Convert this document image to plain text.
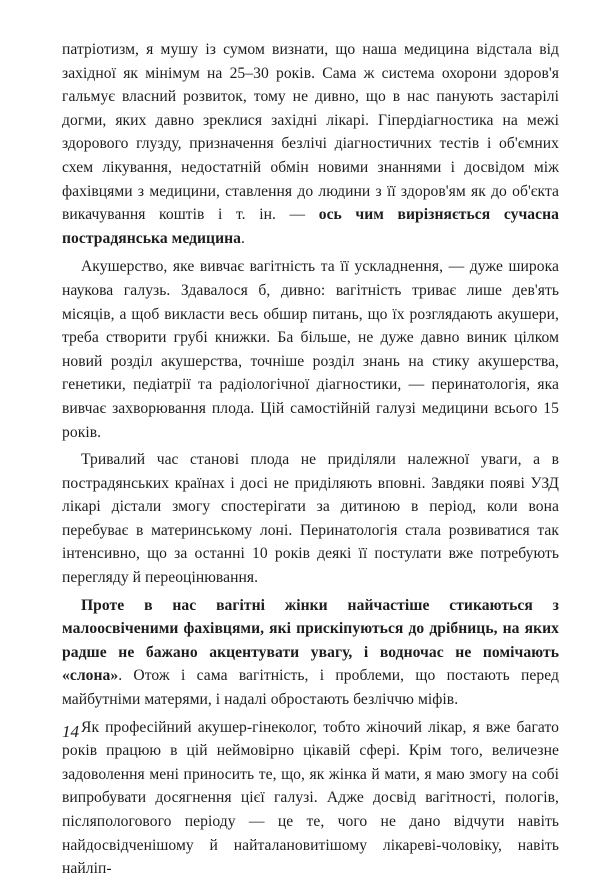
патріотизм, я мушу із сумом визнати, що наша медицина відстала від західної як мінімум на 25–30 років. Сама ж система охорони здоров'я гальмує власний розвиток, тому не дивно, що в нас панують застарілі догми, яких давно зреклися західні лікарі. Гіпердіагностика на межі здорового глузду, призначення безлічі діагностичних тестів і об'ємних схем лікування, недостатній обмін новими знаннями і досвідом між фахівцями з медицини, ставлення до людини з її здоров'ям як до об'єкта викачування коштів і т. ін. — ось чим вирізняється сучасна пострадянська медицина.

Акушерство, яке вивчає вагітність та її ускладнення, — дуже широка наукова галузь. Здавалося б, дивно: вагітність триває лише дев'ять місяців, а щоб викласти весь обшир питань, що їх розглядають акушери, треба створити грубі книжки. Ба більше, не дуже давно виник цілком новий розділ акушерства, точніше розділ знань на стику акушерства, генетики, педіатрії та радіологічної діагностики, — перинатологія, яка вивчає захворювання плода. Цій самостійній галузі медицини всього 15 років.

Тривалий час станові плода не приділяли належної уваги, а в пострадянських країнах і досі не приділяють вповні. Завдяки появі УЗД лікарі дістали змогу спостерігати за дитиною в період, коли вона перебуває в материнському лоні. Перинатологія стала розвиватися так інтенсивно, що за останні 10 років деякі її постулати вже потребують перегляду й переоцінювання.

Проте в нас вагітні жінки найчастіше стикаються з малоосвіченими фахівцями, які прискіпуються до дрібниць, на яких радше не бажано акцентувати увагу, і водночас не помічають «слона». Отож і сама вагітність, і проблеми, що постають перед майбутніми матерями, і надалі обростають безліччю міфів.

Як професійний акушер-гінеколог, тобто жіночий лікар, я вже багато років працюю в цій неймовірно цікавій сфері. Крім того, величезне задоволення мені приносить те, що, як жінка й мати, я маю змогу на собі випробувати досягнення цієї галузі. Адже досвід вагітності, пологів, післяпологового періоду — це те, чого не дано відчути навіть найдосвідченішому й найталановитішому лікареві-чоловіку, навіть найліп-

14
